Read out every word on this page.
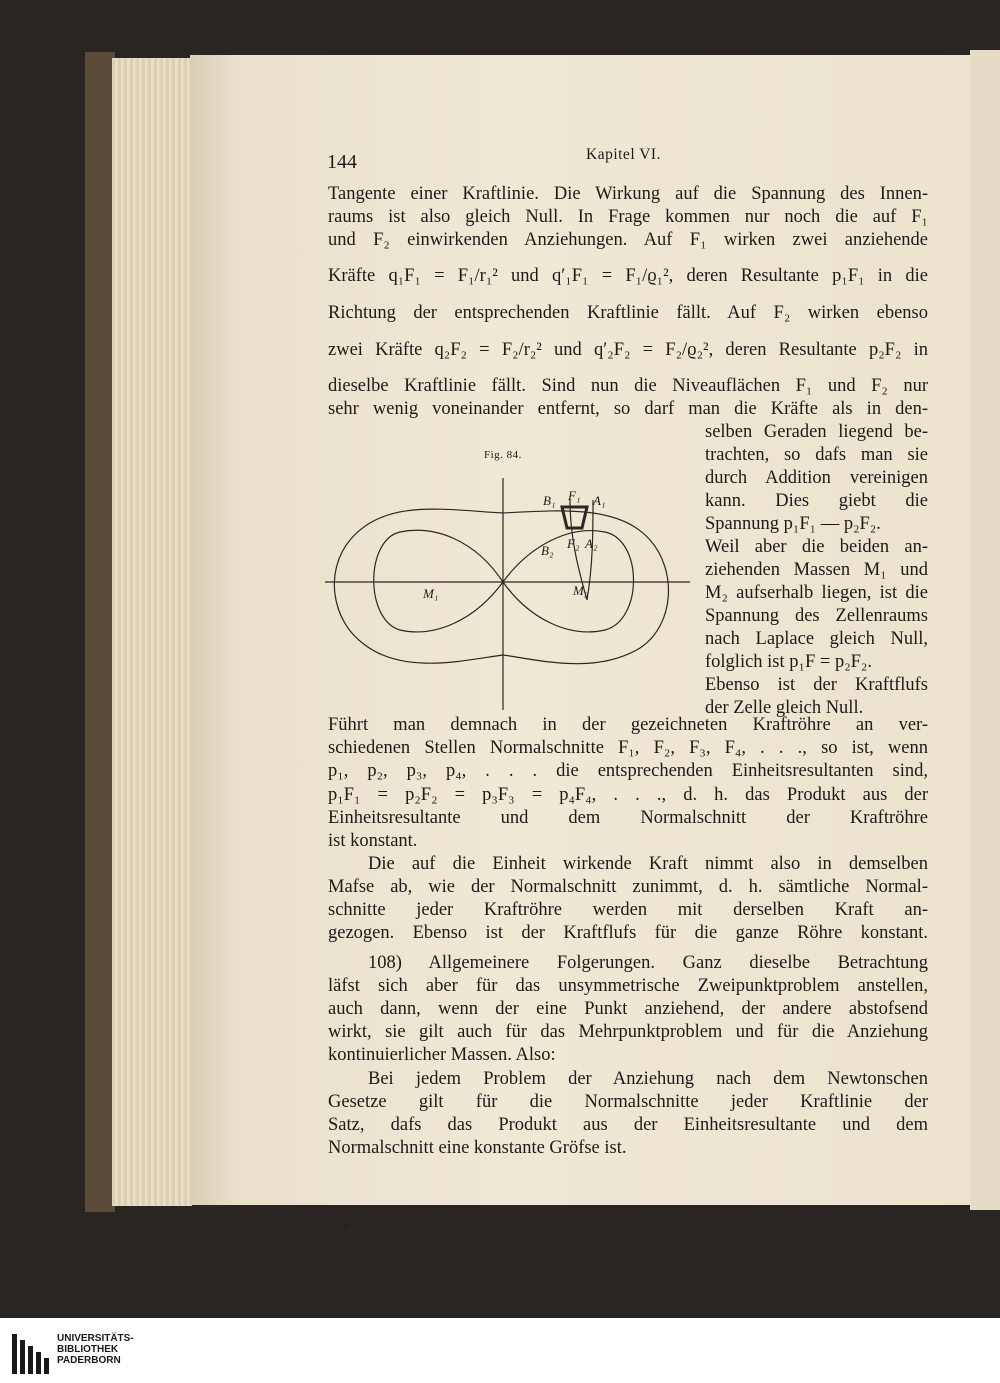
144	Kapitel VI.
Tangente einer Kraftlinie. Die Wirkung auf die Spannung des Innen-
raums ist also gleich Null. In Frage kommen nur noch die auf F₁
und F₂ einwirkenden Anziehungen. Auf F₁ wirken zwei anziehende
Kräfte q₁F₁ = F₁/r₁² und q′₁F₁ = F₁/ϱ₁², deren Resultante p₁F₁ in die
Richtung der entsprechenden Kraftlinie fällt. Auf F₂ wirken ebenso
zwei Kräfte q₂F₂ = F₂/r₂² und q′₂F₂ = F₂/ϱ₂², deren Resultante p₂F₂ in
dieselbe Kraftlinie fällt. Sind nun die Niveauflächen F₁ und F₂ nur
sehr wenig voneinander entfernt, so darf man die Kräfte als in den-
selben Geraden liegend be-
trachten, so dafs man sie
durch Addition vereinigen
kann. Dies giebt die
Spannung p₁F₁ — p₂F₂.
Weil aber die beiden an-
ziehenden Massen M₁ und
M₂ aufserhalb liegen, ist die
Spannung des Zellenraums
nach Laplace gleich Null,
folglich ist p₁F = p₂F₂.
Ebenso ist der Kraftflufs
der Zelle gleich Null.
Fig. 84.
B₁ F₁ A₁
B₂ F₂ A₂
M₁	M₂
Führt man demnach in der gezeichneten Kraftröhre an ver-
schiedenen Stellen Normalschnitte F₁, F₂, F₃, F₄, . . ., so ist, wenn
p₁, p₂, p₃, p₄, . . . die entsprechenden Einheitsresultanten sind,
p₁F₁ = p₂F₂ = p₃F₃ = p₄F₄, . . ., d. h. das Produkt aus der
Einheitsresultante und dem Normalschnitt der Kraftröhre
ist konstant.
Die auf die Einheit wirkende Kraft nimmt also in demselben
Mafse ab, wie der Normalschnitt zunimmt, d. h. sämtliche Normal-
schnitte jeder Kraftröhre werden mit derselben Kraft an-
gezogen. Ebenso ist der Kraftflufs für die ganze Röhre konstant.
108) Allgemeinere Folgerungen. Ganz dieselbe Betrachtung
läfst sich aber für das unsymmetrische Zweipunktproblem anstellen,
auch dann, wenn der eine Punkt anziehend, der andere abstofsend
wirkt, sie gilt auch für das Mehrpunktproblem und für die Anziehung
kontinuierlicher Massen. Also:
Bei jedem Problem der Anziehung nach dem Newtonschen
Gesetze gilt für die Normalschnitte jeder Kraftlinie der
Satz, dafs das Produkt aus der Einheitsresultante und dem
Normalschnitt eine konstante Gröfse ist.
UNIVERSITÄTS-
BIBLIOTHEK
PADERBORN
